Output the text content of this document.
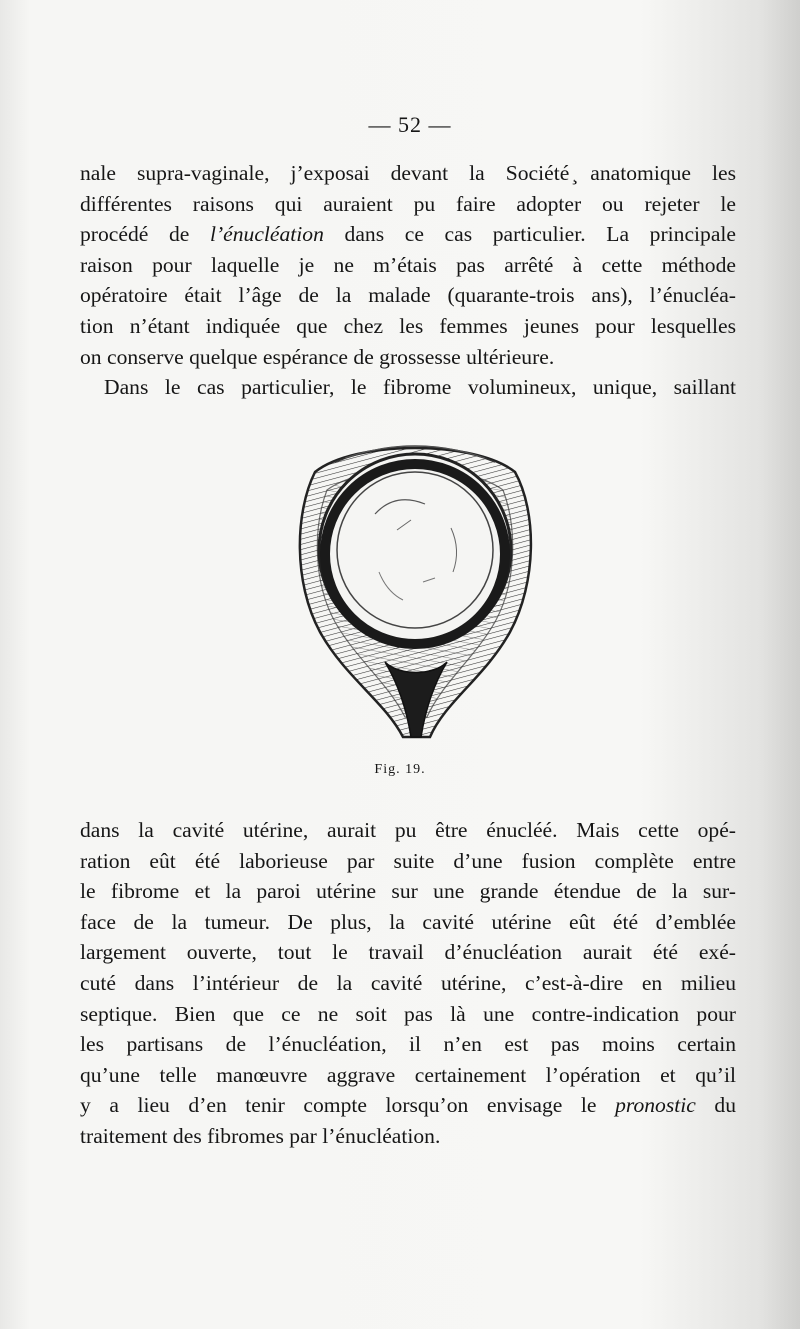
— 52 —
nale supra-vaginale, j’exposai devant la Société ̧anatomique les
différentes raisons qui auraient pu faire adopter ou rejeter le
procédé de l’énucléation dans ce cas particulier. La principale
raison pour laquelle je ne m’étais pas arrêté à cette méthode
opératoire était l’âge de la malade (quarante-trois ans), l’énucléa-
tion n’étant indiquée que chez les femmes jeunes pour lesquelles
on conserve quelque espérance de grossesse ultérieure.
Dans le cas particulier, le fibrome volumineux, unique, saillant
Fig. 19.
dans la cavité utérine, aurait pu être énucléé. Mais cette opé-
ration eût été laborieuse par suite d’une fusion complète entre
le fibrome et la paroi utérine sur une grande étendue de la sur-
face de la tumeur. De plus, la cavité utérine eût été d’emblée
largement ouverte, tout le travail d’énucléation aurait été exé-
cuté dans l’intérieur de la cavité utérine, c’est-à-dire en milieu
septique. Bien que ce ne soit pas là une contre-indication pour
les partisans de l’énucléation, il n’en est pas moins certain
qu’une telle manœuvre aggrave certainement l’opération et qu’il
y a lieu d’en tenir compte lorsqu’on envisage le pronostic du
traitement des fibromes par l’énucléation.
